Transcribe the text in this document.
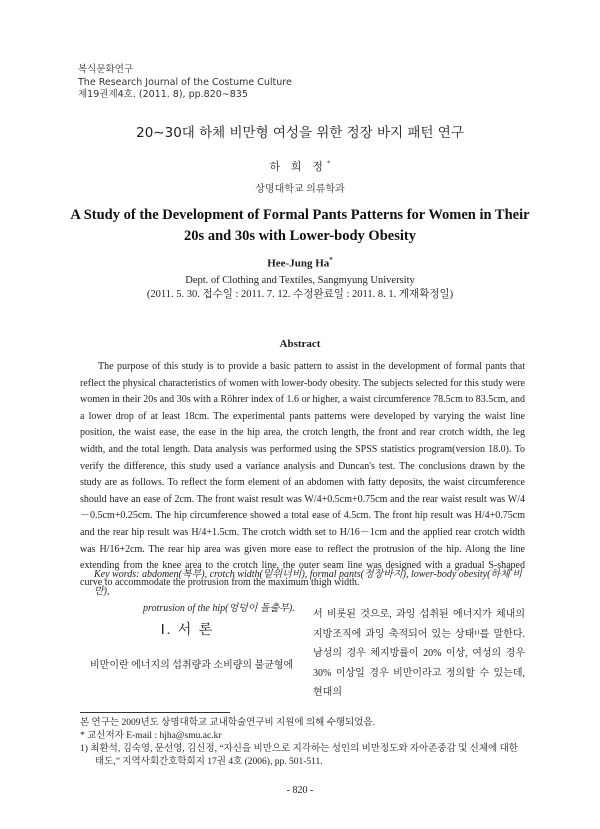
복식문화연구
The Research Journal of the Costume Culture
제19권제4호. (2011. 8), pp.820∼835
20∼30대 하체 비만형 여성을 위한 정장 바지 패턴 연구
하 희 정*
상명대학교 의류학과
A Study of the Development of Formal Pants Patterns for Women in Their 20s and 30s with Lower-body Obesity
Hee-Jung Ha*
Dept. of Clothing and Textiles, Sangmyung University
(2011. 5. 30. 접수일 : 2011. 7. 12. 수정완료일 : 2011. 8. 1. 게재확정일)
Abstract
The purpose of this study is to provide a basic pattern to assist in the development of formal pants that reflect the physical characteristics of women with lower-body obesity. The subjects selected for this study were women in their 20s and 30s with a Röhrer index of 1.6 or higher, a waist circumference 78.5cm to 83.5cm, and a lower drop of at least 18cm. The experimental pants patterns were developed by varying the waist line position, the waist ease, the ease in the hip area, the crotch length, the front and rear crotch width, the leg width, and the total length. Data analysis was performed using the SPSS statistics program(version 18.0). To verify the difference, this study used a variance analysis and Duncan's test. The conclusions drawn by the study are as follows. To reflect the form element of an abdomen with fatty deposits, the waist circumference should have an ease of 2cm. The front waist result was W/4+0.5cm+0.75cm and the rear waist result was W/4－0.5cm+0.25cm. The hip circumference showed a total ease of 4.5cm. The front hip result was H/4+0.75cm and the rear hip result was H/4+1.5cm. The crotch width set to H/16－1cm and the applied rear crotch width was H/16+2cm. The rear hip area was given more ease to reflect the protrusion of the hip. Along the line extending from the knee area to the crotch line, the outer seam line was designed with a gradual S-shaped curve to accommodate the protrusion from the maximum thigh width.
Key words: abdomen(복부), crotch width(밑위너비), formal pants(정장바지), lower-body obesity(하체 비만),
protrusion of the hip(엉덩이 돌출부).
Ⅰ. 서 론
비만이란 에너지의 섭취량과 소비량의 불균형에
서 비롯된 것으로, 과잉 섭취된 에너지가 체내의 지방조직에 과잉 축적되어 있는 상태¹⁾를 말한다. 남성의 경우 체지방률이 20% 이상, 여성의 경우 30% 이상일 경우 비만이라고 정의할 수 있는데, 현대의
본 연구는 2009년도 상명대학교 교내학술연구비 지원에 의해 수행되었음.
* 교신저자 E-mail : hjha@smu.ac.kr
1) 최환석, 김숙영, 문선영, 김신정, “자신을 비만으로 지각하는 성인의 비만정도와 자아존중감 및 신체에 대한
태도,” 지역사회간호학회지 17권 4호 (2006), pp. 501-511.
- 820 -
